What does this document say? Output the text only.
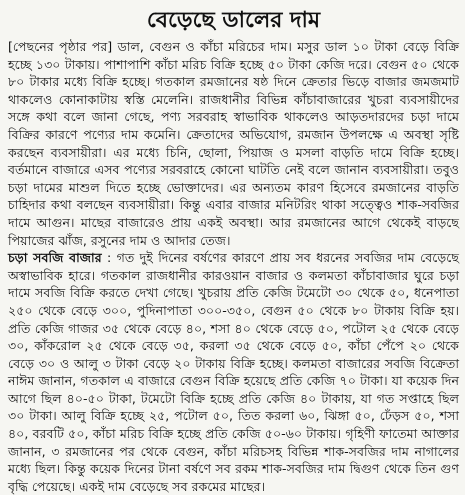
বেড়েছে ডালের দাম
[পেছনের পৃষ্ঠার পর] ডাল, বেগুন ও কাঁচা মরিচের দাম। মসুর ডাল ১০ টাকা বেড়ে বিক্রি হচ্ছে ১৩০ টাকায়। পাশাপাশি কাঁচা মরিচ বিক্রি হচ্ছে ৫০ টাকা কেজি দরে। বেগুন ৫০ থেকে ৮০ টাকার মধ্যে বিক্রি হচ্ছে। গতকাল রমজানের ষষ্ঠ দিনে ক্রেতার ভিড়ে বাজার জমজমাট থাকলেও কোনাকাটায় স্বস্তি মেলেনি। রাজধানীর বিভিন্ন কাঁচাবাজারের খুচরা ব্যবসায়ীদের সঙ্গে কথা বলে জানা গেছে, পণ্য সরবরাহ স্বাভাবিক থাকলেও আড়তদারদের চড়া দামে বিক্রির কারণে পণ্যের দাম কমেনি। ক্রেতাদের অভিযোগ, রমজান উপলক্ষে এ অবস্থা সৃষ্টি করছেন ব্যবসায়ীরা। এর মধ্যে চিনি, ছোলা, পিয়াজ ও মসলা বাড়তি দামে বিক্রি হচ্ছে। বর্তমানে বাজারে এসব পণ্যের সরবরাহে কোনো ঘাটতি নেই বলে জানান ব্যবসায়ীরা। তবুও চড়া দামের মাশুল দিতে হচ্ছে ভোক্তাদের। এর অন্যতম কারণ হিসেবে রমজানের বাড়তি চাহিদার কথা বলছেন ব্যবসায়ীরা। কিন্তু এবার বাজার মনিটরিং থাকা সত্ত্বেও শাক-সবজির দামে আগুন। মাছের বাজারেও প্রায় একই অবস্থা। আর রমজানের আগে থেকেই বাড়ছে পিয়াজের ঝাঁজ, রসুনের দাম ও আদার তেজ।
চড়া সবজি বাজার : গত দুই দিনের বর্ষণের কারণে প্রায় সব ধরনের সবজির দাম বেড়েছে অস্বাভাবিক হারে। গতকাল রাজধানীর কারওয়ান বাজার ও কলমতা কাঁচাবাজার ঘুরে চড়া দামে সবজি বিক্রি করতে দেখা গেছে। খুচরায় প্রতি কেজি টমেটো ৩০ থেকে ৫০, ধনেপাতা ২৫০ থেকে বেড়ে ৩০০, পুদিনাপাতা ৩০০-৩৫০, বেগুন ৫০ থেকে ৮০ টাকায় বিক্রি হয়। প্রতি কেজি গাজর ৩৫ থেকে বেড়ে ৪০, শসা ৪০ থেকে বেড়ে ৫০, পটোল ২৫ থেকে বেড়ে ৩০, কাঁকরোল ২৫ থেকে বেড়ে ৩৫, করলা ৩৫ থেকে বেড়ে ৫০, কাঁচা পেঁপে ২০ থেকে বেড়ে ৩০ ও আলু ৩ টাকা বেড়ে ২০ টাকায় বিক্রি হচ্ছে। কলমতা বাজারের সবজি বিক্রেতা নাঈম জানান, গতকাল এ বাজারে বেগুন বিক্রি হয়েছে প্রতি কেজি ৭০ টাকা। যা কয়েক দিন আগে ছিল ৪০-৫০ টাকা, টমেটো বিক্রি হচ্ছে প্রতি কেজি ৪০ টাকায়, যা গত সপ্তাহে ছিল ৩০ টাকা। আলু বিক্রি হচ্ছে ২৫, পটোল ৫০, তিত করলা ৬০, ঝিঙ্গা ৫০, ঢেঁড়স ৫০, শসা ৪০, বরবটি ৫০, কাঁচা মরিচ বিক্রি হচ্ছে প্রতি কেজি ৫০-৬০ টাকায়। গৃহিণী ফাতেমা আক্তার জানান, ৩ রমজানের পর থেকে বেগুন, কাঁচা মরিচসহ বিভিন্ন শাক-সবজির দাম নাগালের মধ্যে ছিল। কিন্তু কয়েক দিনের টানা বর্ষণে সব রকম শাক-সবজির দাম দ্বিগুণ থেকে তিন গুণ বৃদ্ধি পেয়েছে। একই দাম বেড়েছে সব রকমের মাছের।
